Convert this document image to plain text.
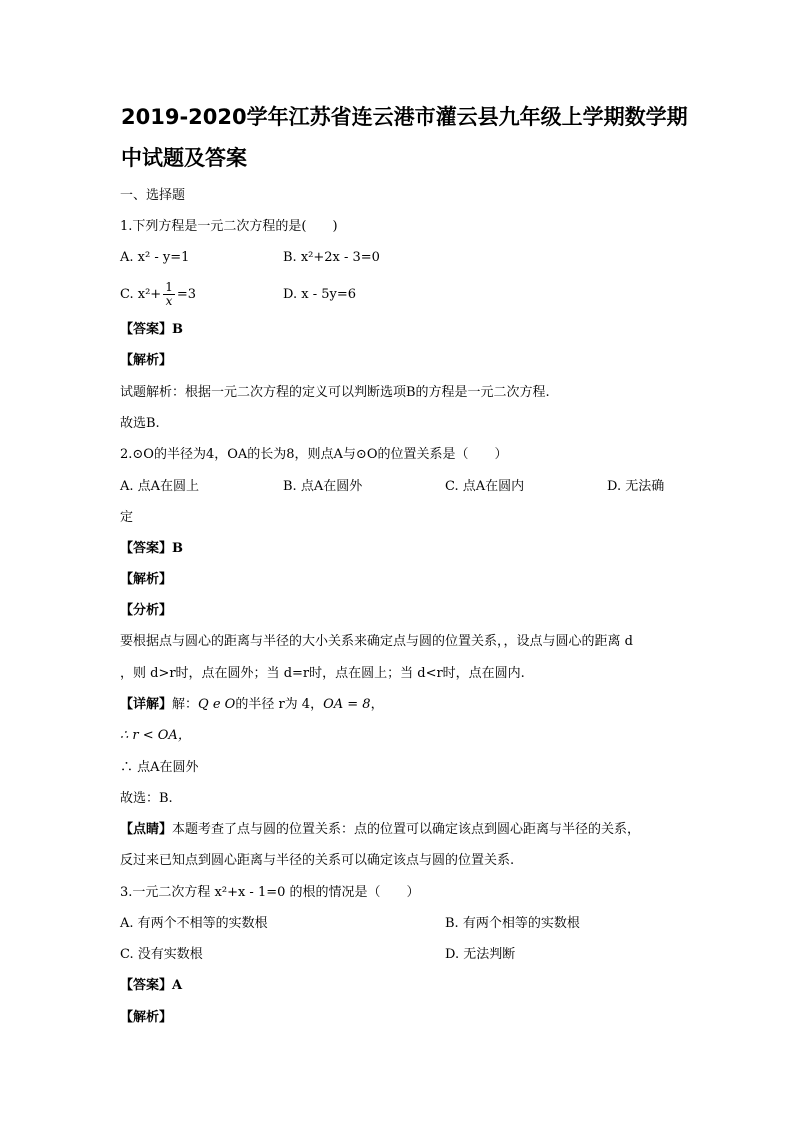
2019-2020学年江苏省连云港市灌云县九年级上学期数学期
中试题及答案
一、选择题
1.下列方程是一元二次方程的是(　　)
A. x² - y=1	B. x²+2x - 3=0
C. $x^2+ \frac{1}{x} =3$	D. x - 5y=6
【答案】B
【解析】
试题解析：根据一元二次方程的定义可以判断选项B的方程是一元二次方程.
故选B.
2.⊙O的半径为4，OA的长为8，则点A与⊙O的位置关系是（　　）
A. 点A在圆上	B. 点A在圆外	C. 点A在圆内	D. 无法确
定
【答案】B
【解析】
【分析】
要根据点与圆心的距离与半径的大小关系来确定点与圆的位置关系，，设点与圆心的距离 d
，则 d>r时，点在圆外；当 d=r时，点在圆上；当 d<r时，点在圆内.
【详解】解：Q e O的半径 r为 4，OA = 8，
∴ r < OA，
∴ 点A在圆外
故选：B.
【点睛】本题考查了点与圆的位置关系：点的位置可以确定该点到圆心距离与半径的关系，
反过来已知点到圆心距离与半径的关系可以确定该点与圆的位置关系.
3.一元二次方程 x²+x - 1=0 的根的情况是（　　）
A. 有两个不相等的实数根	B. 有两个相等的实数根
C. 没有实数根	D. 无法判断
【答案】A
【解析】
